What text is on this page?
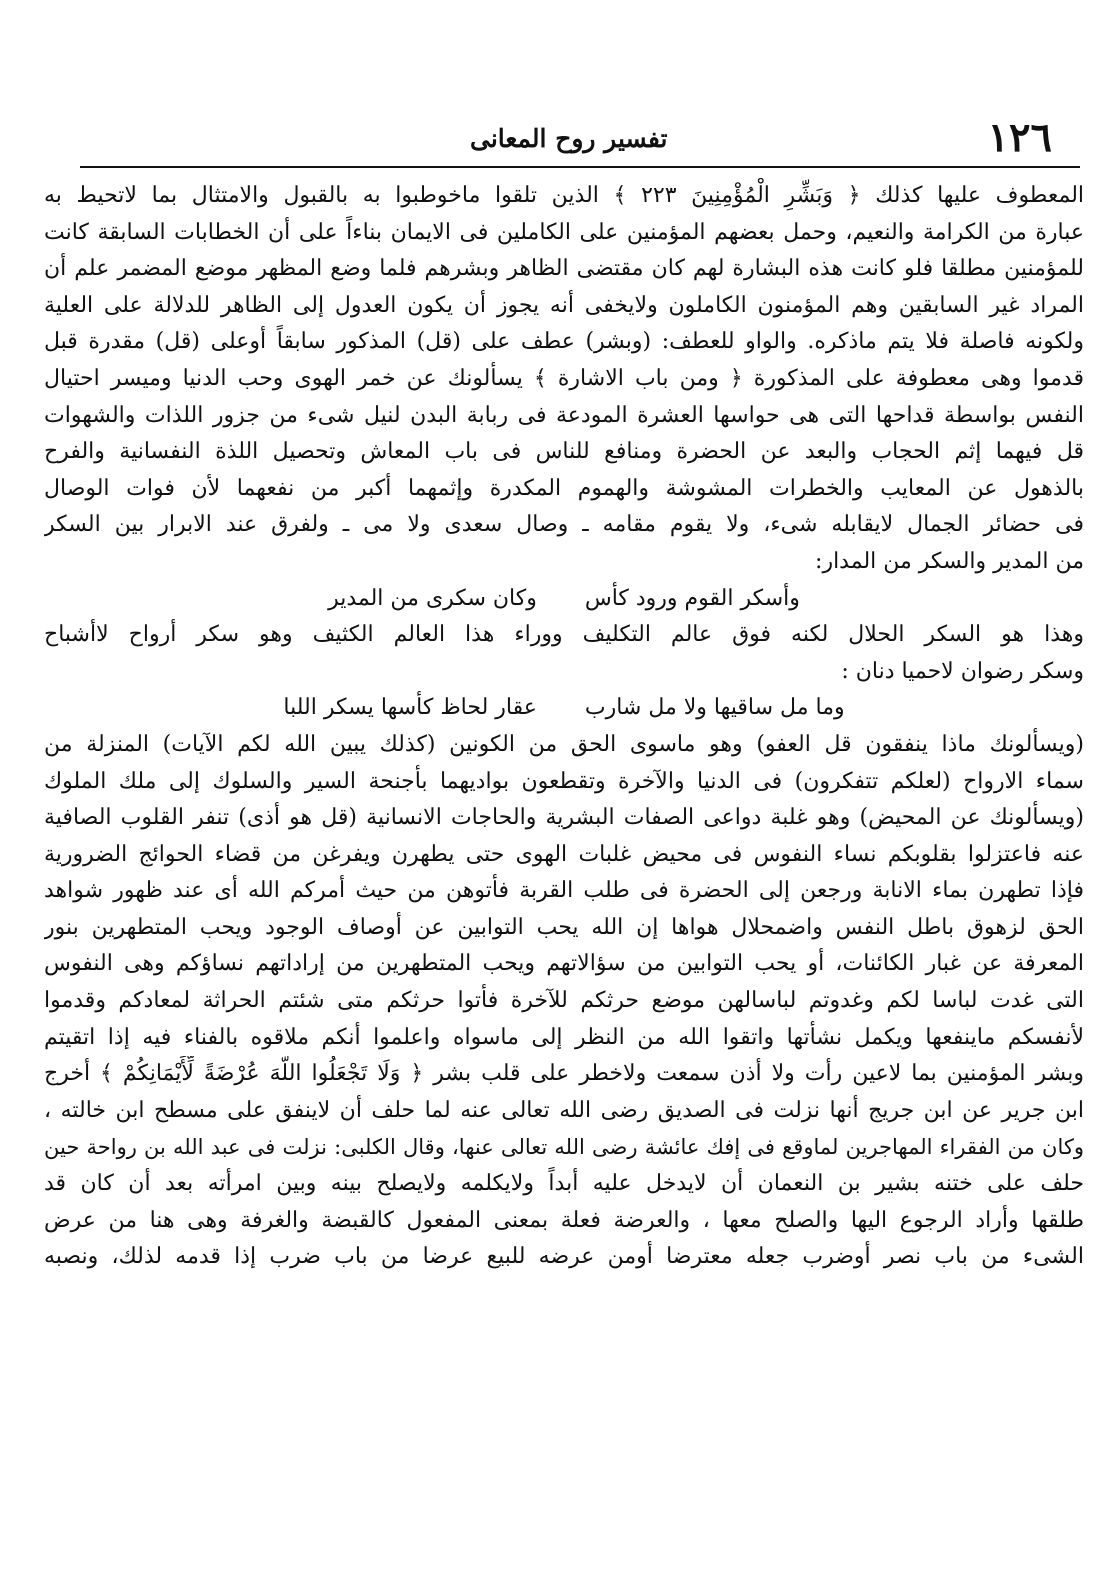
١٢٦
تفسير روح المعانى
المعطوف عليها كذلك ﴿ وَبَشِّرِ الْمُؤْمِنِينَ ٢٢٣ ﴾ الذين تلقوا ماخوطبوا به بالقبول والامتثال بما لاتحيط به
عبارة من الكرامة والنعيم، وحمل بعضهم المؤمنين على الكاملين فى الايمان بناءاً على أن الخطابات السابقة كانت
للمؤمنين مطلقا فلو كانت هذه البشارة لهم كان مقتضى الظاهر وبشرهم فلما وضع المظهر موضع المضمر علم أن
المراد غير السابقين وهم المؤمنون الكاملون ولايخفى أنه يجوز أن يكون العدول إلى الظاهر للدلالة على العلية
ولكونه فاصلة فلا يتم ماذكره. والواو للعطف: (وبشر) عطف على (قل) المذكور سابقاً أوعلى (قل) مقدرة قبل
قدموا وهى معطوفة على المذكورة ﴿ ومن باب الاشارة ﴾ يسألونك عن خمر الهوى وحب الدنيا وميسر احتيال
النفس بواسطة قداحها التى هى حواسها العشرة المودعة فى ربابة البدن لنيل شىء من جزور اللذات والشهوات
قل فيهما إثم الحجاب والبعد عن الحضرة ومنافع للناس فى باب المعاش وتحصيل اللذة النفسانية والفرح
بالذهول عن المعايب والخطرات المشوشة والهموم المكدرة وإثمهما أكبر من نفعهما لأن فوات الوصال
فى حضائر الجمال لايقابله شىء، ولا يقوم مقامه ـ وصال سعدى ولا مى ـ ولفرق عند الابرار بين السكر
من المدير والسكر من المدار:
وأسكر القوم ورود كأس
وكان سكرى من المدير
وهذا هو السكر الحلال لكنه فوق عالم التكليف ووراء هذا العالم الكثيف وهو سكر أرواح لاأشباح
وسكر رضوان لاحميا دنان :
وما مل ساقيها ولا مل شارب
عقار لحاظ كأسها يسكر اللبا
(ويسألونك ماذا ينفقون قل العفو) وهو ماسوى الحق من الكونين (كذلك يبين الله لكم الآيات) المنزلة من
سماء الارواح (لعلكم تتفكرون) فى الدنيا والآخرة وتقطعون بواديهما بأجنحة السير والسلوك إلى ملك الملوك
(ويسألونك عن المحيض) وهو غلبة دواعى الصفات البشرية والحاجات الانسانية (قل هو أذى) تنفر القلوب الصافية
عنه فاعتزلوا بقلوبكم نساء النفوس فى محيض غلبات الهوى حتى يطهرن ويفرغن من قضاء الحوائج الضرورية
فإذا تطهرن بماء الانابة ورجعن إلى الحضرة فى طلب القربة فأتوهن من حيث أمركم الله أى عند ظهور شواهد
الحق لزهوق باطل النفس واضمحلال هواها إن الله يحب التوابين عن أوصاف الوجود ويحب المتطهرين بنور
المعرفة عن غبار الكائنات، أو يحب التوابين من سؤالاتهم ويحب المتطهرين من إراداتهم نساؤكم وهى النفوس
التى غدت لباسا لكم وغدوتم لباسالهن موضع حرثكم للآخرة فأتوا حرثكم متى شئتم الحراثة لمعادكم وقدموا
لأنفسكم ماينفعها ويكمل نشأتها واتقوا الله من النظر إلى ماسواه واعلموا أنكم ملاقوه بالفناء فيه إذا اتقيتم
وبشر المؤمنين بما لاعين رأت ولا أذن سمعت ولاخطر على قلب بشر ﴿ وَلَا تَجْعَلُوا اللَّهَ عُرْضَةً لِّأَيْمَانِكُمْ ﴾ أخرج
ابن جرير عن ابن جريج أنها نزلت فى الصديق رضى الله تعالى عنه لما حلف أن لاينفق على مسطح ابن خالته ،
وكان من الفقراء المهاجرين لماوقع فى إفك عائشة رضى الله تعالى عنها، وقال الكلبى: نزلت فى عبد الله بن رواحة حين
حلف على ختنه بشير بن النعمان أن لايدخل عليه أبداً ولايكلمه ولايصلح بينه وبين امرأته بعد أن كان قد
طلقها وأراد الرجوع اليها والصلح معها ، والعرضة فعلة بمعنى المفعول كالقبضة والغرفة وهى هنا من عرض
الشىء من باب نصر أوضرب جعله معترضا أومن عرضه للبيع عرضا من باب ضرب إذا قدمه لذلك، ونصبه
